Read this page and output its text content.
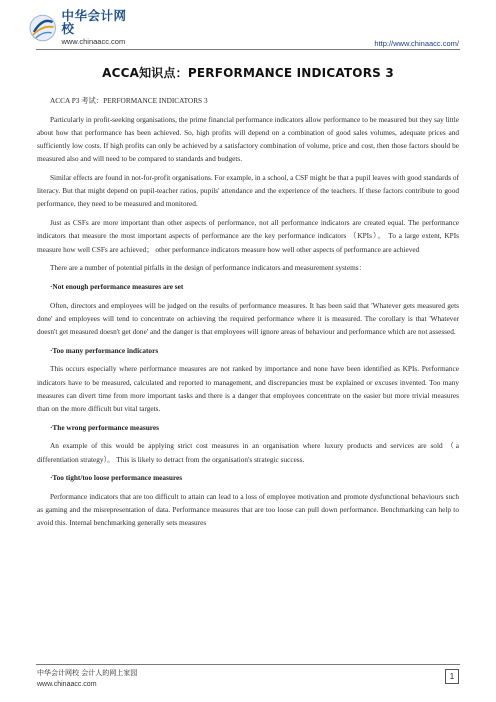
中华会计网校
www.chinaacc.com	http://www.chinaacc.com/
ACCA知识点：PERFORMANCE INDICATORS 3

ACCA P3 考试：PERFORMANCE INDICATORS 3

Particularly in profit-seeking organisations, the prime financial performance indicators allow performance to be measured but they say little about how that performance has been achieved. So, high profits will depend on a combination of good sales volumes, adequate prices and sufficiently low costs. If high profits can only be achieved by a satisfactory combination of volume, price and cost, then those factors should be measured also and will need to be compared to standards and budgets.

Similar effects are found in not-for-profit organisations. For example, in a school, a CSF might be that a pupil leaves with good standards of literacy. But that might depend on pupil-teacher ratios, pupils' attendance and the experience of the teachers. If these factors contribute to good performance, they need to be measured and monitored.

Just as CSFs are more important than other aspects of performance, not all performance indicators are created equal. The performance indicators that measure the most important aspects of performance are the key performance indicators （KPIs）。 To a large extent, KPIs measure how well CSFs are achieved； other performance indicators measure how well other aspects of performance are achieved

There are a number of potential pitfalls in the design of performance indicators and measurement systems：

·Not enough performance measures are set

Often, directors and employees will be judged on the results of performance measures. It has been said that 'Whatever gets measured gets done' and employees will tend to concentrate on achieving the required performance where it is measured. The corollary is that 'Whatever doesn't get measured doesn't get done' and the danger is that employees will ignore areas of behaviour and performance which are not assessed.

·Too many performance indicators

This occurs especially where performance measures are not ranked by importance and none have been identified as KPIs. Performance indicators have to be measured, calculated and reported to management, and discrepancies must be explained or excuses invented. Too many measures can divert time from more important tasks and there is a danger that employees concentrate on the easier but more trivial measures than on the more difficult but vital targets.

·The wrong performance measures

An example of this would be applying strict cost measures in an organisation where luxury products and services are sold （a differentiation strategy）。 This is likely to detract from the organisation's strategic success.

·Too tight/too loose performance measures

Performance indicators that are too difficult to attain can lead to a loss of employee motivation and promote dysfunctional behaviours such as gaming and the misrepresentation of data. Performance measures that are too loose can pull down performance. Benchmarking can help to avoid this. Internal benchmarking generally sets measures

中华会计网校 会计人的网上家园
www.chinaacc.com
1
